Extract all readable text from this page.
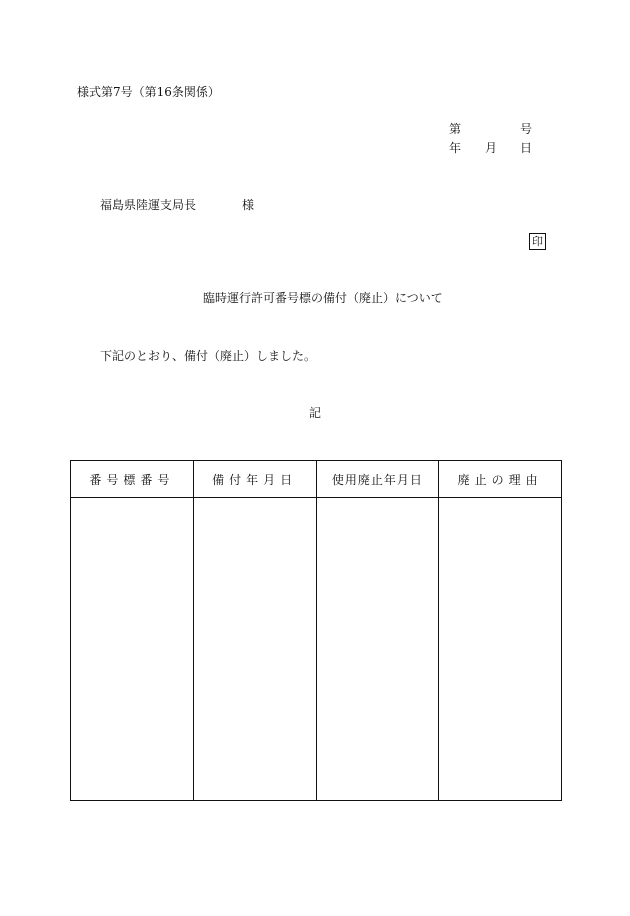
様式第7号（第16条関係）
第	号
年 月 日
福島県陸運支局長	様
印
臨時運行許可番号標の備付（廃止）について
下記のとおり、備付（廃止）しました。
記
番号標番号	備付年月日	使用廃止年月日	廃止の理由
